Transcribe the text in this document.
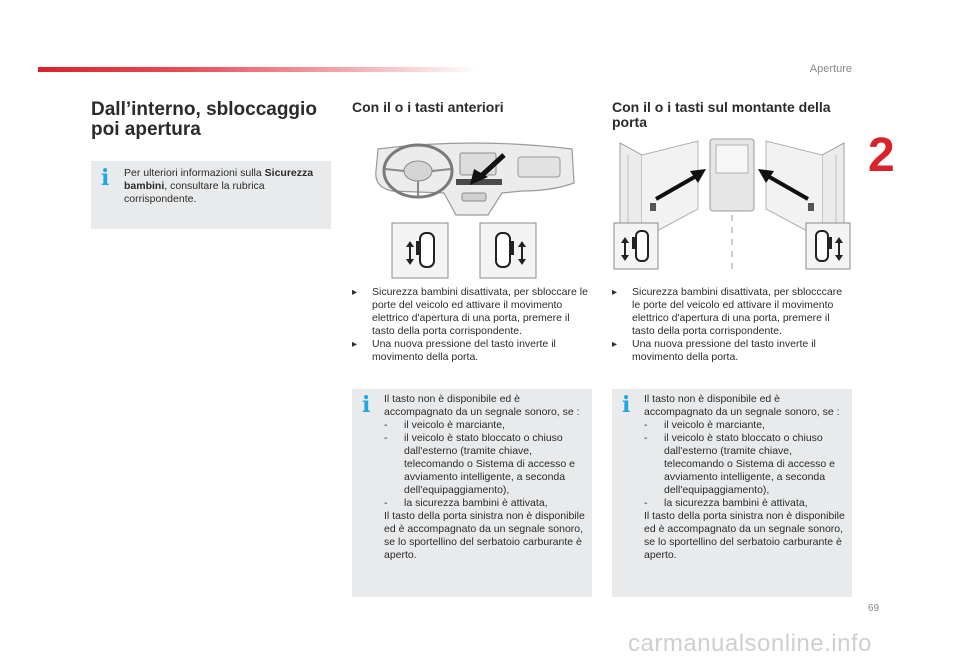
Aperture
2
69
carmanualsonline.info
Dall’interno, sbloccaggio poi apertura
i Per ulteriori informazioni sulla Sicurezza bambini, consultare la rubrica corrispondente.
Con il o i tasti anteriori
▸ Sicurezza bambini disattivata, per sbloccare le porte del veicolo ed attivare il movimento elettrico d'apertura di una porta, premere il tasto della porta corrispondente.
▸ Una nuova pressione del tasto inverte il movimento della porta.
i Il tasto non è disponibile ed è accompagnato da un segnale sonoro, se :
- il veicolo è marciante,
- il veicolo è stato bloccato o chiuso dall'esterno (tramite chiave, telecomando o Sistema di accesso e avviamento intelligente, a seconda dell'equipaggiamento),
- la sicurezza bambini è attivata,
Il tasto della porta sinistra non è disponibile ed è accompagnato da un segnale sonoro, se lo sportellino del serbatoio carburante è aperto.
Con il o i tasti sul montante della porta
▸ Sicurezza bambini disattivata, per sblocccare le porte del veicolo ed attivare il movimento elettrico d'apertura di una porta, premere il tasto della porta corrispondente.
▸ Una nuova pressione del tasto inverte il movimento della porta.
i Il tasto non è disponibile ed è accompagnato da un segnale sonoro, se :
- il veicolo è marciante,
- il veicolo è stato bloccato o chiuso dall'esterno (tramite chiave, telecomando o Sistema di accesso e avviamento intelligente, a seconda dell'equipaggiamento),
- la sicurezza bambini è attivata,
Il tasto della porta sinistra non è disponibile ed è accompagnato da un segnale sonoro, se lo sportellino del serbatoio carburante è aperto.
